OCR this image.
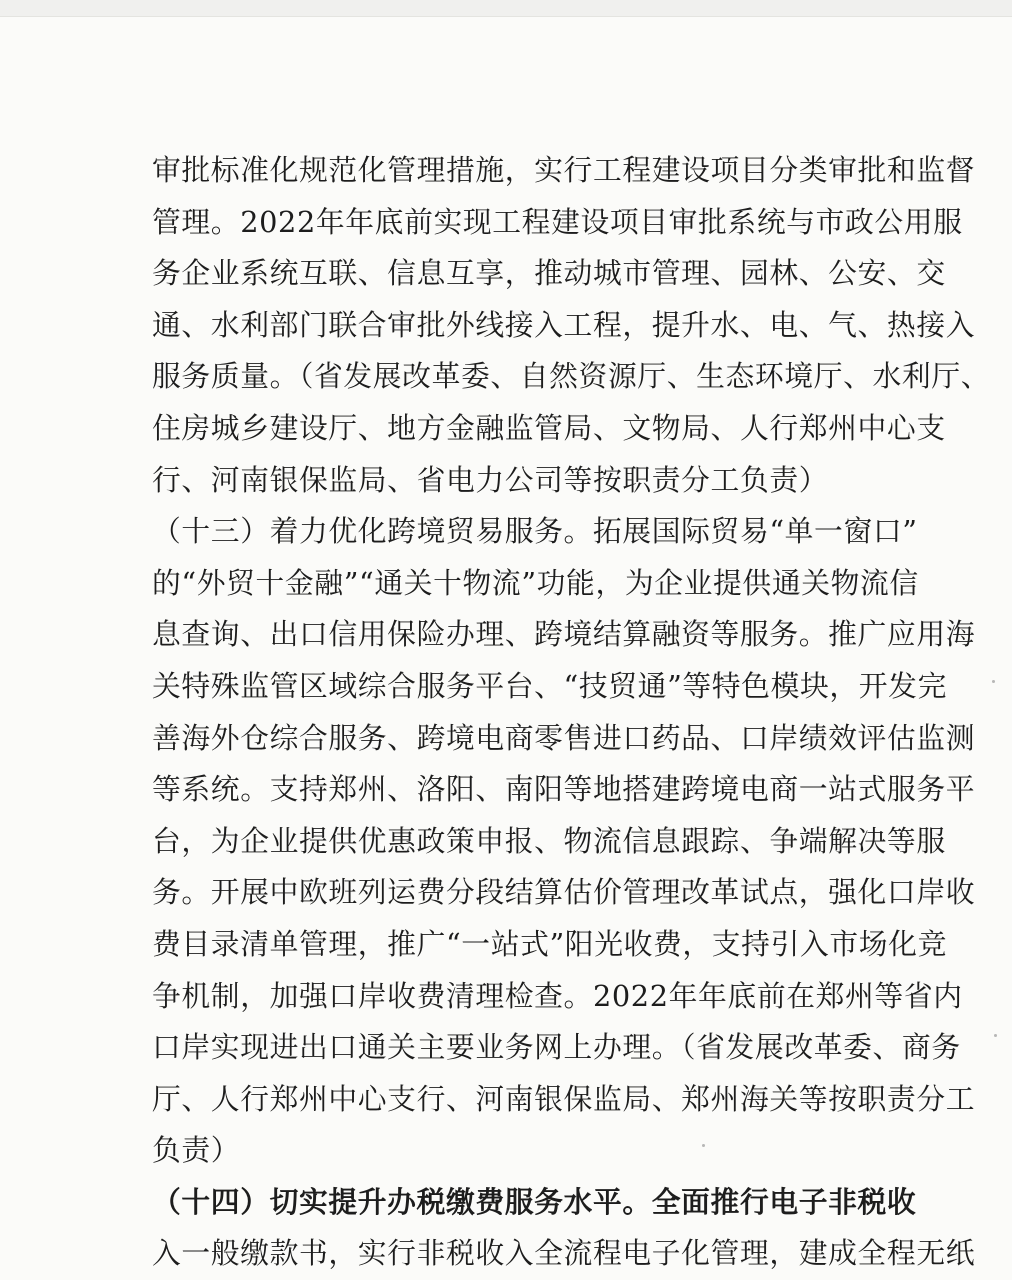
审批标准化规范化管理措施，实行工程建设项目分类审批和监督
管理。2022年年底前实现工程建设项目审批系统与市政公用服
务企业系统互联、信息互享，推动城市管理、园林、公安、交
通、水利部门联合审批外线接入工程，提升水、电、气、热接入
服务质量。（省发展改革委、自然资源厅、生态环境厅、水利厅、
住房城乡建设厅、地方金融监管局、文物局、人行郑州中心支
行、河南银保监局、省电力公司等按职责分工负责）
（十三）着力优化跨境贸易服务。拓展国际贸易“单一窗口”
的“外贸十金融”“通关十物流”功能，为企业提供通关物流信
息查询、出口信用保险办理、跨境结算融资等服务。推广应用海
关特殊监管区域综合服务平台、“技贸通”等特色模块，开发完
善海外仓综合服务、跨境电商零售进口药品、口岸绩效评估监测
等系统。支持郑州、洛阳、南阳等地搭建跨境电商一站式服务平
台，为企业提供优惠政策申报、物流信息跟踪、争端解决等服
务。开展中欧班列运费分段结算估价管理改革试点，强化口岸收
费目录清单管理，推广“一站式”阳光收费，支持引入市场化竞
争机制，加强口岸收费清理检查。2022年年底前在郑州等省内
口岸实现进出口通关主要业务网上办理。（省发展改革委、商务
厅、人行郑州中心支行、河南银保监局、郑州海关等按职责分工
负责）
（十四）切实提升办税缴费服务水平。全面推行电子非税收
入一般缴款书，实行非税收入全流程电子化管理，建成全程无纸
